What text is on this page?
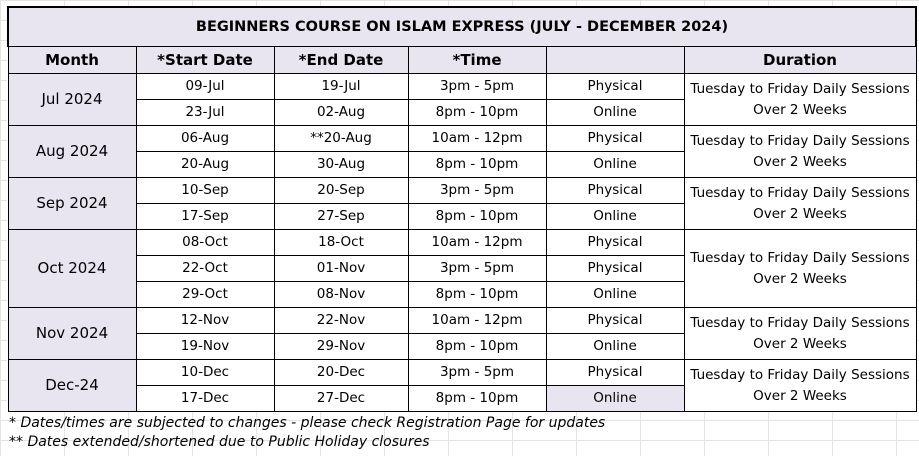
BEGINNERS COURSE ON ISLAM EXPRESS (JULY - DECEMBER 2024)					
Month	*Start Date	*End Date	*Time		Duration
Jul 2024	09-Jul	19-Jul	3pm - 5pm	Physical	Tuesday to Friday Daily Sessions Over 2 Weeks
	23-Jul	02-Aug	8pm - 10pm	Online	
Aug 2024	06-Aug	**20-Aug	10am - 12pm	Physical	Tuesday to Friday Daily Sessions Over 2 Weeks
	20-Aug	30-Aug	8pm - 10pm	Online	
Sep 2024	10-Sep	20-Sep	3pm - 5pm	Physical	Tuesday to Friday Daily Sessions Over 2 Weeks
	17-Sep	27-Sep	8pm - 10pm	Online	
Oct 2024	08-Oct	18-Oct	10am - 12pm	Physical	Tuesday to Friday Daily Sessions Over 2 Weeks
	22-Oct	01-Nov	3pm - 5pm	Physical	
	29-Oct	08-Nov	8pm - 10pm	Online	
Nov 2024	12-Nov	22-Nov	10am - 12pm	Physical	Tuesday to Friday Daily Sessions Over 2 Weeks
	19-Nov	29-Nov	8pm - 10pm	Online	
Dec-24	10-Dec	20-Dec	3pm - 5pm	Physical	Tuesday to Friday Daily Sessions Over 2 Weeks
	17-Dec	27-Dec	8pm - 10pm	Online	
* Dates/times are subjected to changes - please check Registration Page for updates
** Dates extended/shortened due to Public Holiday closures
